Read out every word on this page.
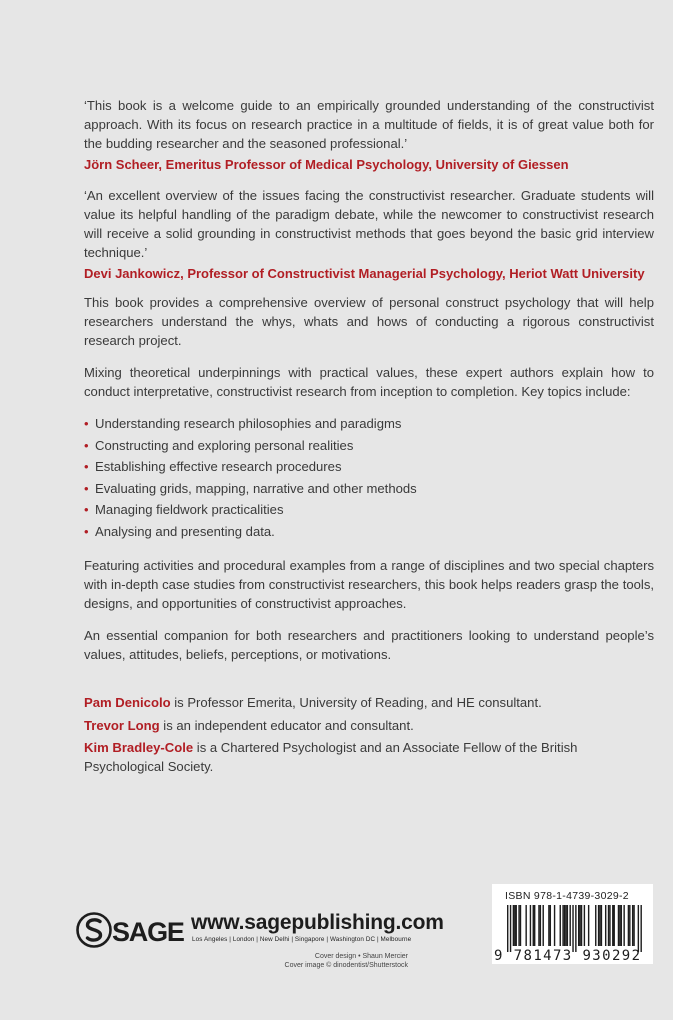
‘This book is a welcome guide to an empirically grounded understanding of the constructivist approach. With its focus on research practice in a multitude of fields, it is of great value both for the budding researcher and the seasoned professional.’

Jörn Scheer, Emeritus Professor of Medical Psychology, University of Giessen

‘An excellent overview of the issues facing the constructivist researcher. Graduate students will value its helpful handling of the paradigm debate, while the newcomer to constructivist research will receive a solid grounding in constructivist methods that goes beyond the basic grid interview technique.’

Devi Jankowicz, Professor of Constructivist Managerial Psychology, Heriot Watt University

This book provides a comprehensive overview of personal construct psychology that will help researchers understand the whys, whats and hows of conducting a rigorous constructivist research project.

Mixing theoretical underpinnings with practical values, these expert authors explain how to conduct interpretative, constructivist research from inception to completion. Key topics include:

• Understanding research philosophies and paradigms
• Constructing and exploring personal realities
• Establishing effective research procedures
• Evaluating grids, mapping, narrative and other methods
• Managing fieldwork practicalities
• Analysing and presenting data.

Featuring activities and procedural examples from a range of disciplines and two special chapters with in-depth case studies from constructivist researchers, this book helps readers grasp the tools, designs, and opportunities of constructivist approaches.

An essential companion for both researchers and practitioners looking to understand people’s values, attitudes, beliefs, perceptions, or motivations.

Pam Denicolo is Professor Emerita, University of Reading, and HE consultant.

Trevor Long is an independent educator and consultant.

Kim Bradley-Cole is a Chartered Psychologist and an Associate Fellow of the British Psychological Society.

SAGE www.sagepublishing.com
Los Angeles | London | New Delhi | Singapore | Washington DC | Melbourne
Cover design • Shaun Mercier
Cover image © dinodentist/Shutterstock
ISBN 978-1-4739-3029-2
9 781473 930292
